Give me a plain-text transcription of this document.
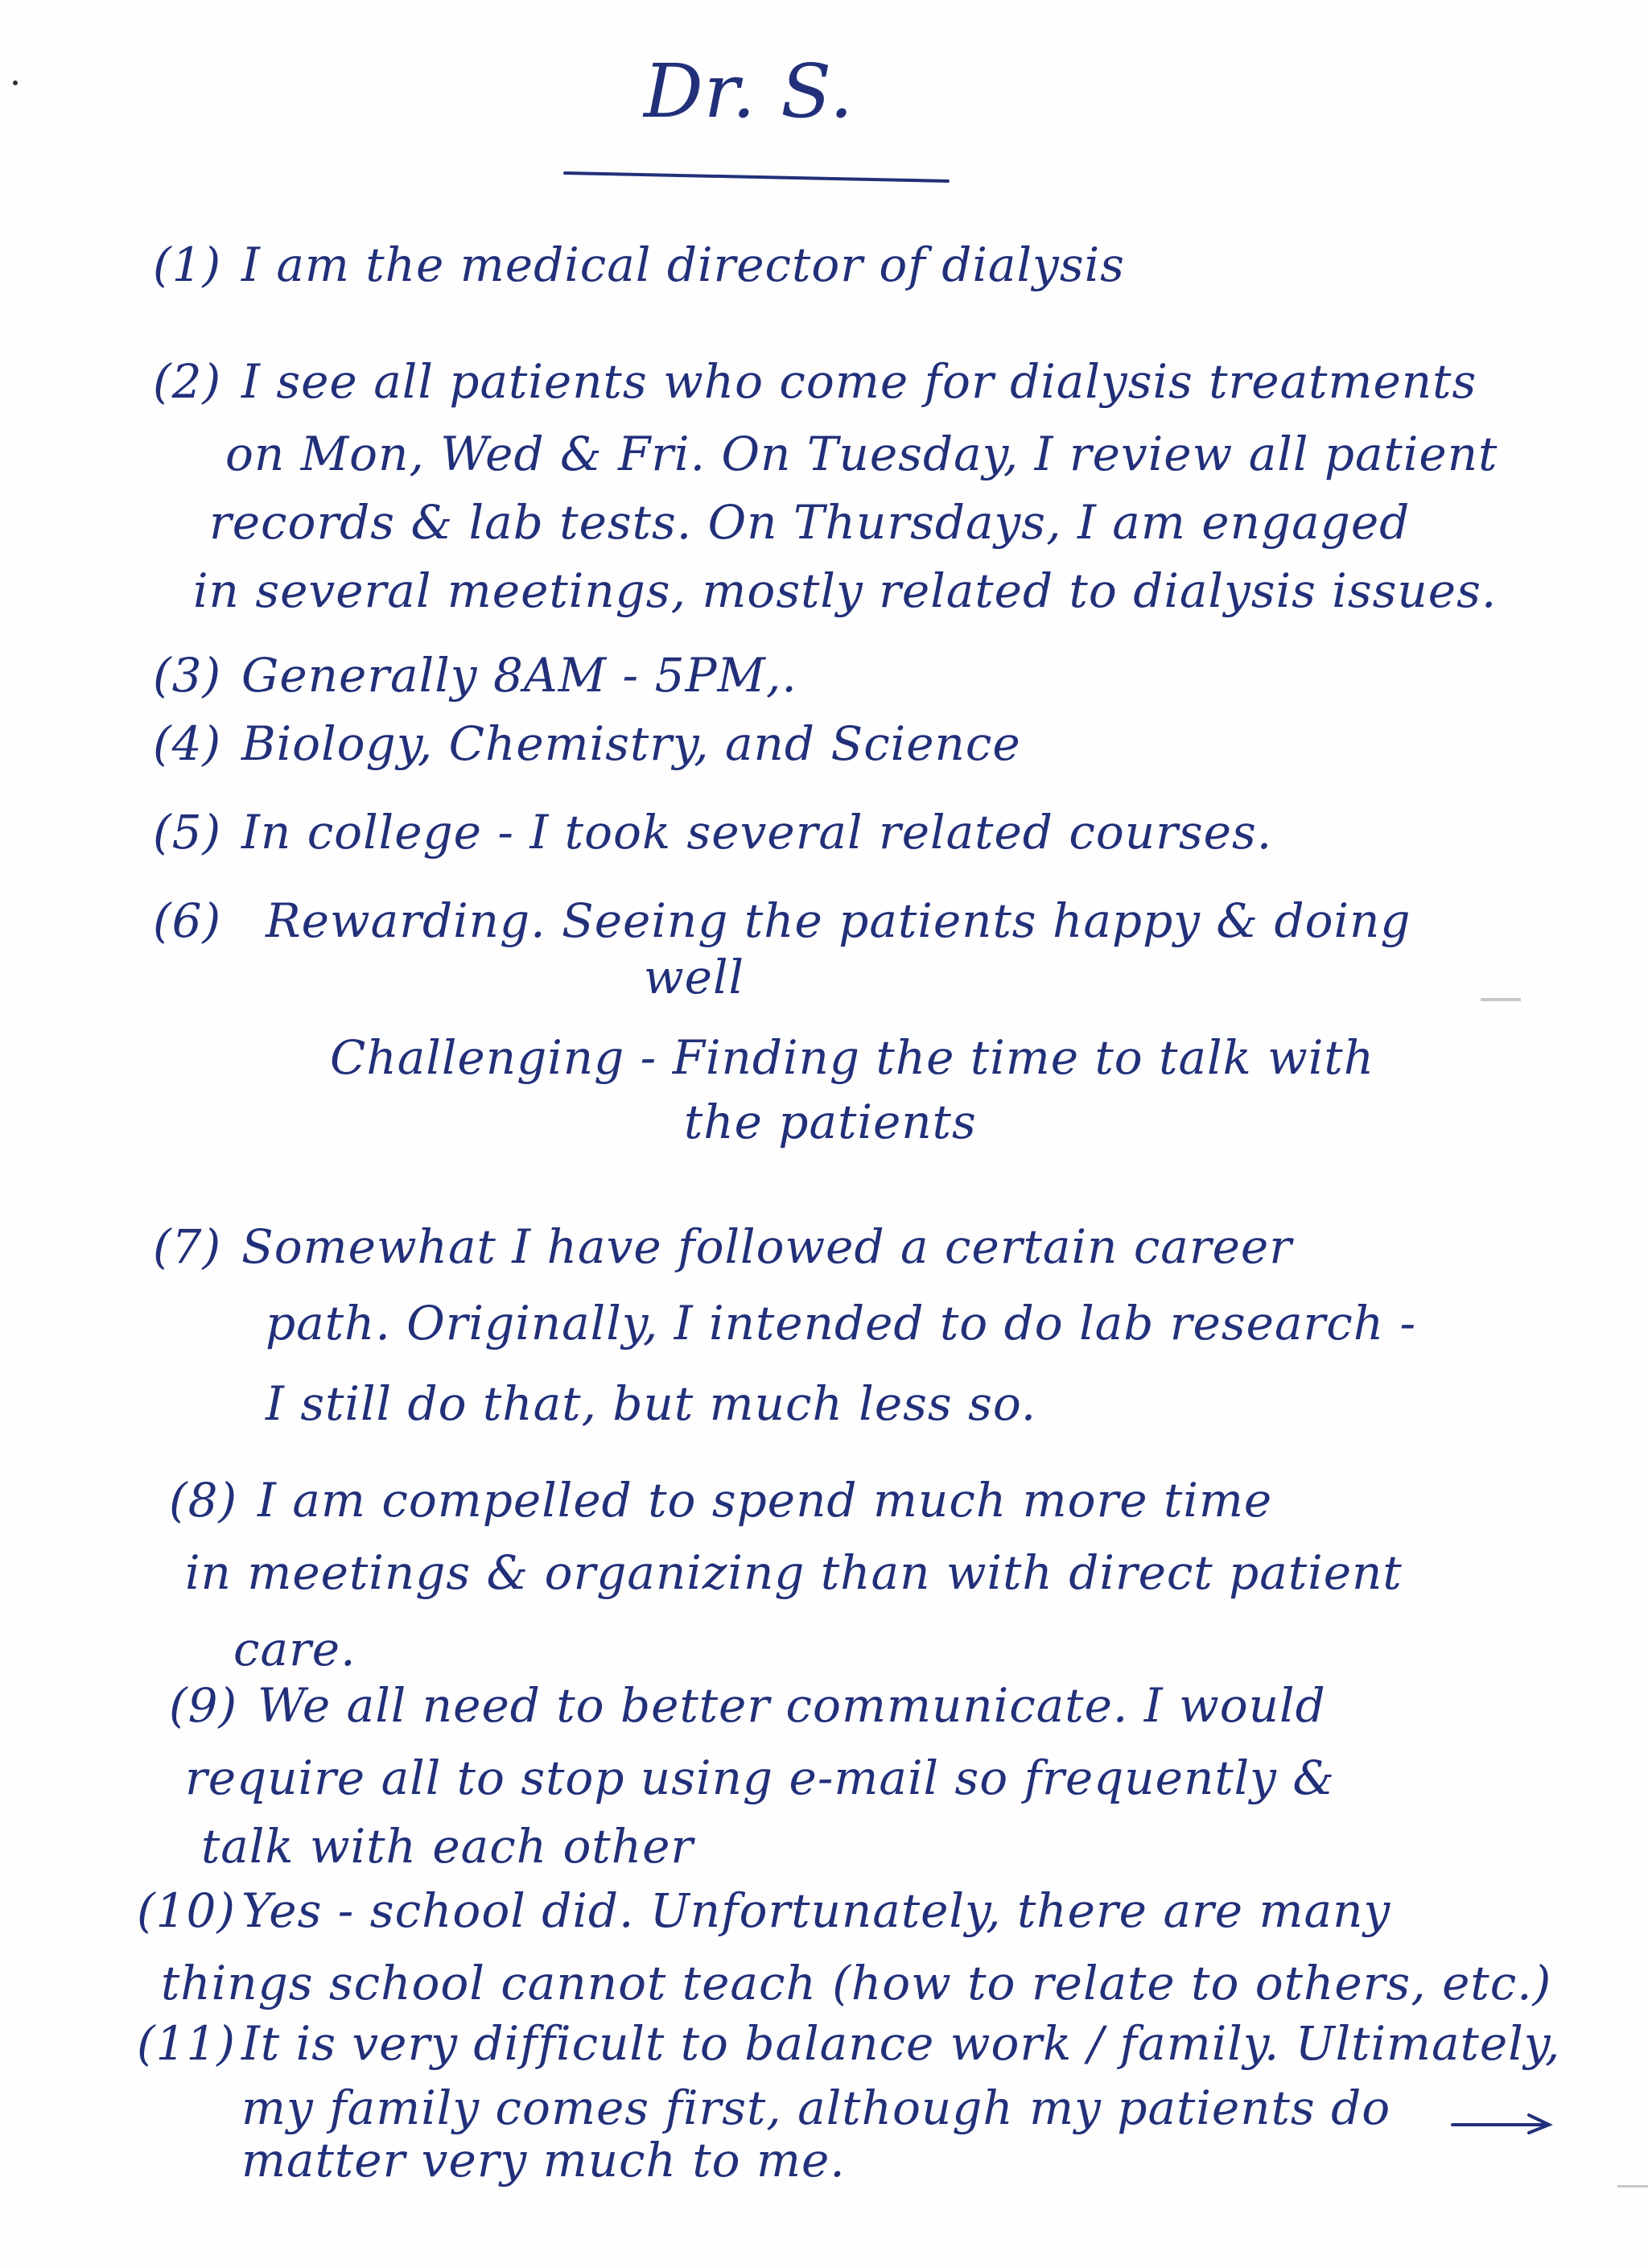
Dr. S.
(1) I am the medical director of dialysis
(2) I see all patients who come for dialysis treatments
on Mon, Wed & Fri. On Tuesday, I review all patient
records & lab tests. On Thursdays, I am engaged
in several meetings, mostly related to dialysis issues.
(3) Generally 8AM - 5PM,.
(4) Biology, Chemistry, and Science
(5) In college - I took several related courses.
(6) Rewarding. Seeing the patients happy & doing
well
Challenging - Finding the time to talk with
the patients
(7) Somewhat I have followed a certain career
path. Originally, I intended to do lab research -
I still do that, but much less so.
(8) I am compelled to spend much more time
in meetings & organizing than with direct patient
care.
(9) We all need to better communicate. I would
require all to stop using e-mail so frequently &
talk with each other
(10) Yes - school did. Unfortunately, there are many
things school cannot teach (how to relate to others, etc.)
(11) It is very difficult to balance work / family. Ultimately,
my family comes first, although my patients do
matter very much to me.
